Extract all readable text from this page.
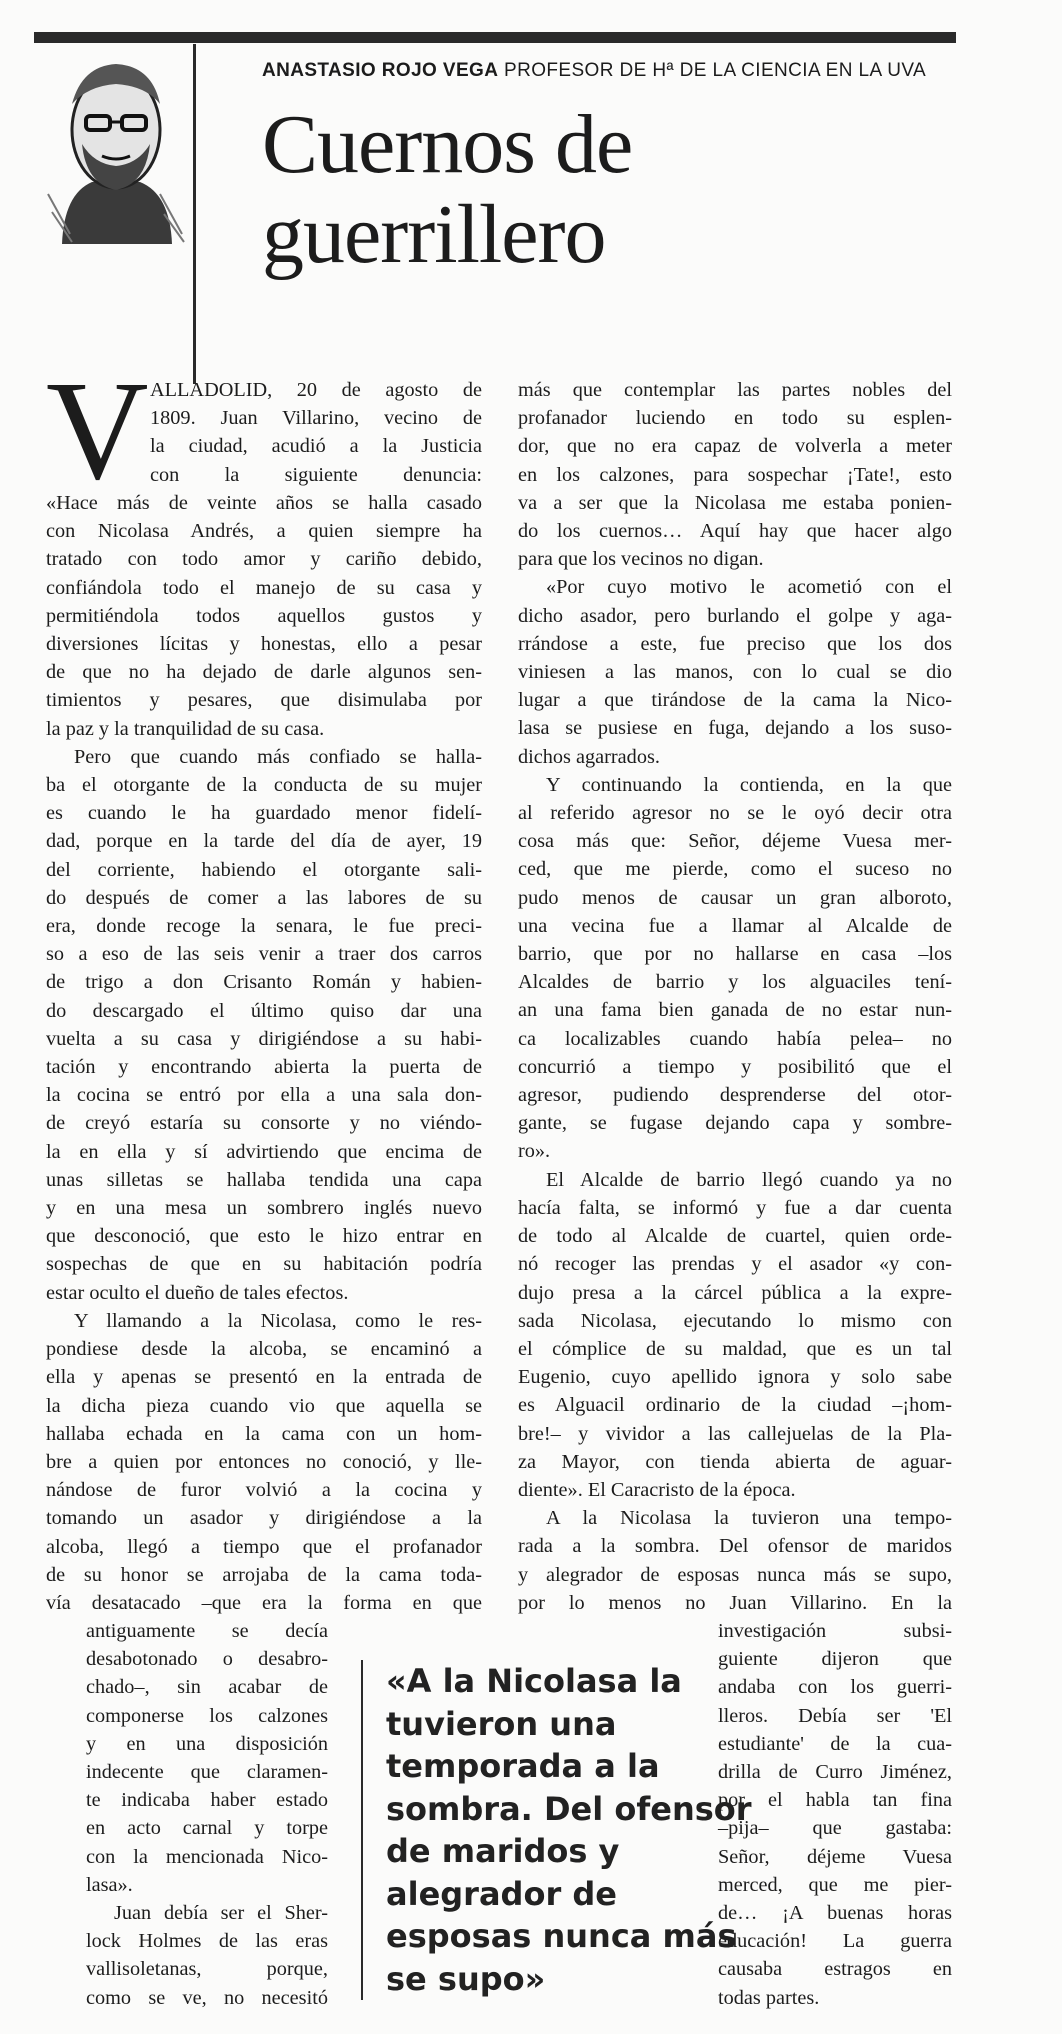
ANASTASIO ROJO VEGA PROFESOR DE Hª DE LA CIENCIA EN LA UVA
Cuernos de
guerrillero
V ALLADOLID, 20 de agosto de
1809. Juan Villarino, vecino de
la ciudad, acudió a la Justicia
con la siguiente denuncia:
«Hace más de veinte años se halla casado
con Nicolasa Andrés, a quien siempre ha
tratado con todo amor y cariño debido,
confiándola todo el manejo de su casa y
permitiéndola todos aquellos gustos y
diversiones lícitas y honestas, ello a pesar
de que no ha dejado de darle algunos sen-
timientos y pesares, que disimulaba por
la paz y la tranquilidad de su casa.
Pero que cuando más confiado se halla-
ba el otorgante de la conducta de su mujer
es cuando le ha guardado menor fidelí-
dad, porque en la tarde del día de ayer, 19
del corriente, habiendo el otorgante sali-
do después de comer a las labores de su
era, donde recoge la senara, le fue preci-
so a eso de las seis venir a traer dos carros
de trigo a don Crisanto Román y habien-
do descargado el último quiso dar una
vuelta a su casa y dirigiéndose a su habi-
tación y encontrando abierta la puerta de
la cocina se entró por ella a una sala don-
de creyó estaría su consorte y no viéndo-
la en ella y sí advirtiendo que encima de
unas silletas se hallaba tendida una capa
y en una mesa un sombrero inglés nuevo
que desconoció, que esto le hizo entrar en
sospechas de que en su habitación podría
estar oculto el dueño de tales efectos.
Y llamando a la Nicolasa, como le res-
pondiese desde la alcoba, se encaminó a
ella y apenas se presentó en la entrada de
la dicha pieza cuando vio que aquella se
hallaba echada en la cama con un hom-
bre a quien por entonces no conoció, y lle-
nándose de furor volvió a la cocina y
tomando un asador y dirigiéndose a la
alcoba, llegó a tiempo que el profanador
de su honor se arrojaba de la cama toda-
vía desatacado –que era la forma en que
antiguamente se decía
desabotonado o desabro-
chado–, sin acabar de
componerse los calzones
y en una disposición
indecente que claramen-
te indicaba haber estado
en acto carnal y torpe
con la mencionada Nico-
lasa».
Juan debía ser el Sher-
lock Holmes de las eras
vallisoletanas, porque,
como se ve, no necesitó
más que contemplar las partes nobles del
profanador luciendo en todo su esplen-
dor, que no era capaz de volverla a meter
en los calzones, para sospechar ¡Tate!, esto
va a ser que la Nicolasa me estaba ponien-
do los cuernos… Aquí hay que hacer algo
para que los vecinos no digan.
«Por cuyo motivo le acometió con el
dicho asador, pero burlando el golpe y aga-
rrándose a este, fue preciso que los dos
viniesen a las manos, con lo cual se dio
lugar a que tirándose de la cama la Nico-
lasa se pusiese en fuga, dejando a los suso-
dichos agarrados.
Y continuando la contienda, en la que
al referido agresor no se le oyó decir otra
cosa más que: Señor, déjeme Vuesa mer-
ced, que me pierde, como el suceso no
pudo menos de causar un gran alboroto,
una vecina fue a llamar al Alcalde de
barrio, que por no hallarse en casa –los
Alcaldes de barrio y los alguaciles tení-
an una fama bien ganada de no estar nun-
ca localizables cuando había pelea– no
concurrió a tiempo y posibilitó que el
agresor, pudiendo desprenderse del otor-
gante, se fugase dejando capa y sombre-
ro».
El Alcalde de barrio llegó cuando ya no
hacía falta, se informó y fue a dar cuenta
de todo al Alcalde de cuartel, quien orde-
nó recoger las prendas y el asador «y con-
dujo presa a la cárcel pública a la expre-
sada Nicolasa, ejecutando lo mismo con
el cómplice de su maldad, que es un tal
Eugenio, cuyo apellido ignora y solo sabe
es Alguacil ordinario de la ciudad –¡hom-
bre!– y vividor a las callejuelas de la Pla-
za Mayor, con tienda abierta de aguar-
diente». El Caracristo de la época.
A la Nicolasa la tuvieron una tempo-
rada a la sombra. Del ofensor de maridos
y alegrador de esposas nunca más se supo,
por lo menos no Juan Villarino. En la
investigación subsi-
guiente dijeron que
andaba con los guerri-
lleros. Debía ser 'El
estudiante' de la cua-
drilla de Curro Jiménez,
por el habla tan fina
–pija– que gastaba:
Señor, déjeme Vuesa
merced, que me pier-
de… ¡A buenas horas
educación! La guerra
causaba estragos en
todas partes.
«A la Nicolasa la
tuvieron una
temporada a la
sombra. Del ofensor
de maridos y
alegrador de
esposas nunca más
se supo»
